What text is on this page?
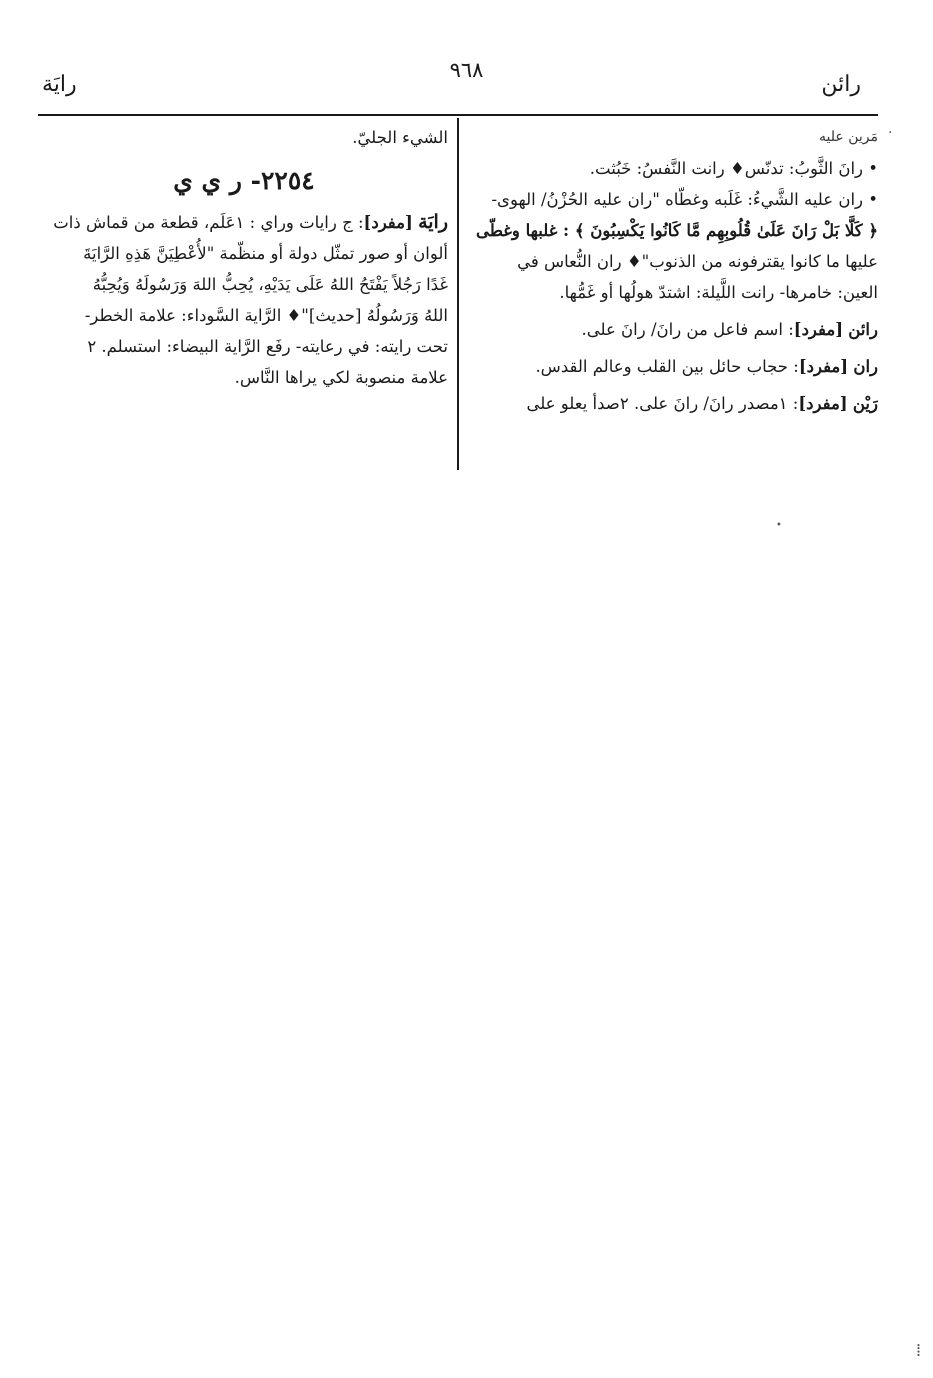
رائن
٩٦٨
رايَة
مَرين عليه
• رانَ الثَّوبُ: تدنّس♦ رانت النَّفسُ: خَبُثت.
• ران عليه الشَّيءُ: غَلَبه وغطّاه "ران عليه الحُزْنُ/ الهوى-
﴿ كَلَّا بَلْ رَانَ عَلَىٰ قُلُوبِهِم مَّا كَانُوا يَكْسِبُونَ ﴾ : غلبها وغطّى
عليها ما كانوا يقترفونه من الذنوب"♦ ران النُّعاس في
العين: خامرها- رانت اللَّيلة: اشتدّ هولُها أو غَمُّها.
رائن [مفرد]: اسم فاعل من رانَ/ رانَ على.
ران [مفرد]: حجاب حائل بين القلب وعالم القدس.
رَيْن [مفرد]: ١مصدر رانَ/ رانَ على. ٢صدأ يعلو على
الشيء الجليّ.
٢٢٥٤- ر ي ي
رايَة [مفرد]: ج رايات وراي : ١عَلَم، قطعة من قماش ذات
ألوان أو صور تمثّل دولة أو منظّمة "لأُعْطِيَنَّ هَذِهِ الرَّايَةَ
غَدًا رَجُلاً يَفْتَحُ اللهُ عَلَى يَدَيْهِ، يُحِبُّ اللهَ وَرَسُولَهُ وَيُحِبُّهُ
اللهُ وَرَسُولُهُ [حديث]"♦ الرَّاية السَّوداء: علامة الخطر-
تحت رايته: في رعايته- رفَع الرَّاية البيضاء: استسلم. ٢
علامة منصوبة لكي يراها النَّاس.
·
⁞
•
